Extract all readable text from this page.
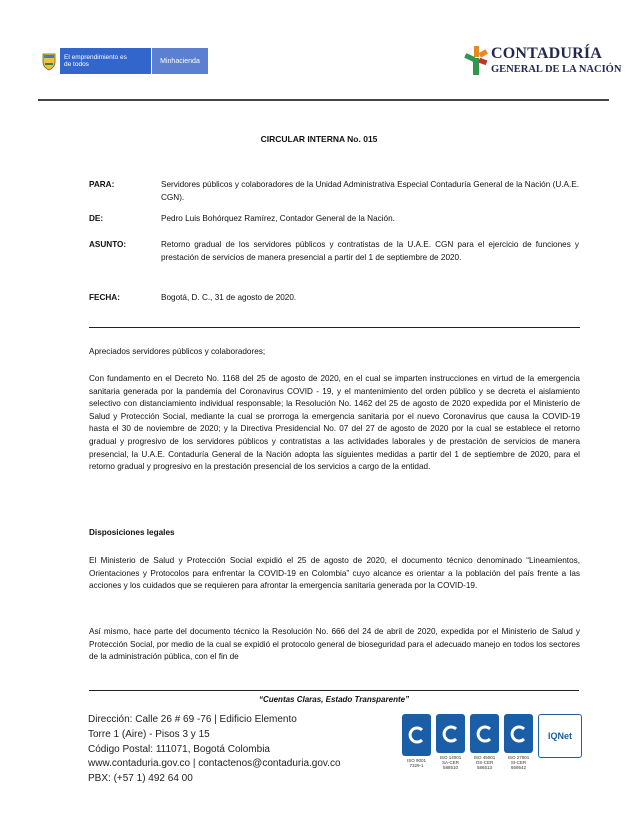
El emprendimiento es de todos	Minhacienda	CONTADURÍA
GENERAL DE LA NACIÓN
CIRCULAR INTERNA No. 015
PARA:	Servidores públicos y colaboradores de la Unidad Administrativa Especial Contaduría General de la Nación (U.A.E. CGN).
DE:	Pedro Luis Bohórquez Ramírez, Contador General de la Nación.
ASUNTO:	Retorno gradual de los servidores públicos y contratistas de la U.A.E. CGN para el ejercicio de funciones y prestación de servicios de manera presencial a partir del 1 de septiembre de 2020.
FECHA:	Bogotá, D. C., 31 de agosto de 2020.
Apreciados servidores públicos y colaboradores;
Con fundamento en el Decreto No. 1168 del 25 de agosto de 2020, en el cual se imparten instrucciones en virtud de la emergencia sanitaria generada por la pandemia del Coronavirus COVID - 19, y el mantenimiento del orden público y se decreta el aislamiento selectivo con distanciamiento individual responsable; la Resolución No. 1462 del 25 de agosto de 2020 expedida por el Ministerio de Salud y Protección Social, mediante la cual se prorroga la emergencia sanitaria por el nuevo Coronavirus que causa la COVID-19 hasta el 30 de noviembre de 2020; y la Directiva Presidencial No. 07 del 27 de agosto de 2020 por la cual se establece el retorno gradual y progresivo de los servidores públicos y contratistas a las actividades laborales y de prestación de servicios de manera presencial, la U.A.E. Contaduría General de la Nación adopta las siguientes medidas a partir del 1 de septiembre de 2020, para el retorno gradual y progresivo en la prestación presencial de los servicios a cargo de la entidad.
Disposiciones legales
El Ministerio de Salud y Protección Social expidió el 25 de agosto de 2020, el documento técnico denominado “Lineamientos, Orientaciones y Protocolos para enfrentar la COVID-19 en Colombia” cuyo alcance es orientar a la población del país frente a las acciones y los cuidados que se requieren para afrontar la emergencia sanitaria generada por la COVID-19.
Así mismo, hace parte del documento técnico la Resolución No. 666 del 24 de abril de 2020, expedida por el Ministerio de Salud y Protección Social, por medio de la cual se expidió el protocolo general de bioseguridad para el adecuado manejo en todos los sectores de la administración pública, con el fin de
“Cuentas Claras, Estado Transparente”
Dirección: Calle 26 # 69 -76 | Edificio Elemento
Torre 1 (Aire) - Pisos 3 y 15
Código Postal: 111071, Bogotá Colombia
www.contaduria.gov.co | contactenos@contaduria.gov.co
PBX: (+57 1) 492 64 00
ISO 9001
7329-1
ISO 14001
SA-CER 588510
ISO 45001
OS-CER 586513
ISO 27001
SI-CER 669542
IQNet
